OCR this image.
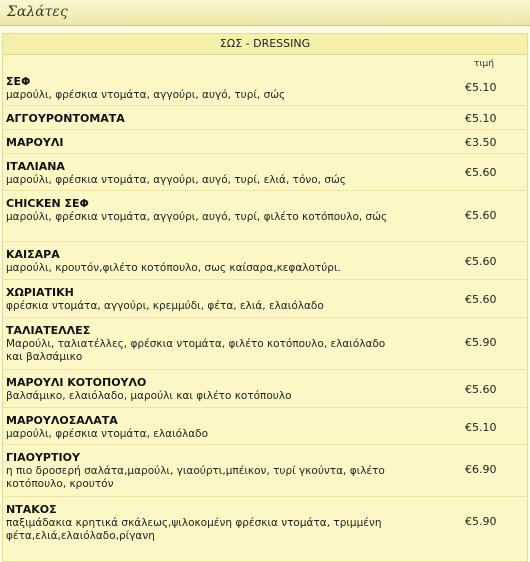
Σαλάτες
ΣΩΣ - DRESSING
τιμή
ΣΕΦ
μαρούλι, φρέσκια ντομάτα, αγγούρι, αυγό, τυρί, σώς
€5.10
ΑΓΓΟΥΡΟΝΤΟΜΑΤΑ	€5.10
ΜΑΡΟΥΛΙ	€3.50
ΙΤΑΛΙΑΝΑ
μαρούλι, φρέσκια ντομάτα, αγγούρι, αυγό, τυρί, ελιά, τόνο, σώς
€5.60
CHICKEN ΣΕΦ
μαρούλι, φρέσκια ντομάτα, αγγούρι, αυγό, τυρί, φιλέτο κοτόπουλο, σώς	€5.60
ΚΑΙΣΑΡΑ
μαρούλι, κρουτόν,φιλέτο κοτόπουλο, σως καίσαρα,κεφαλοτύρι.	€5.60
ΧΩΡΙΑΤΙΚΗ
φρέσκια ντομάτα, αγγούρι, κρεμμύδι, φέτα, ελιά, ελαιόλαδο	€5.60
ΤΑΛΙΑΤΕΛΛΕΣ
Μαρούλι, ταλιατέλλες, φρέσκια ντομάτα, φιλέτο κοτόπουλο, ελαιόλαδο και βαλσάμικο
€5.90
ΜΑΡΟΥΛΙ ΚΟΤΟΠΟΥΛΟ
βαλσάμικο, ελαιόλαδο, μαρούλι και φιλέτο κοτόπουλο	€5.60
ΜΑΡΟΥΛΟΣΑΛΑΤΑ
μαρούλι, φρέσκια ντομάτα, ελαιόλαδο	€5.10
ΓΙΑΟΥΡΤΙΟΥ
η πιο δροσερή σαλάτα,μαρούλι, γιαούρτι,μπέικον, τυρί γκούντα, φιλέτο κοτόπουλο, κρουτόν
€6.90
ΝΤΑΚΟΣ
παξιμάδακια κρητικά σκάλεως,ψιλοκομένη φρέσκια ντομάτα, τριμμένη φέτα,ελιά,ελαιόλαδο,ρίγανη
€5.90
